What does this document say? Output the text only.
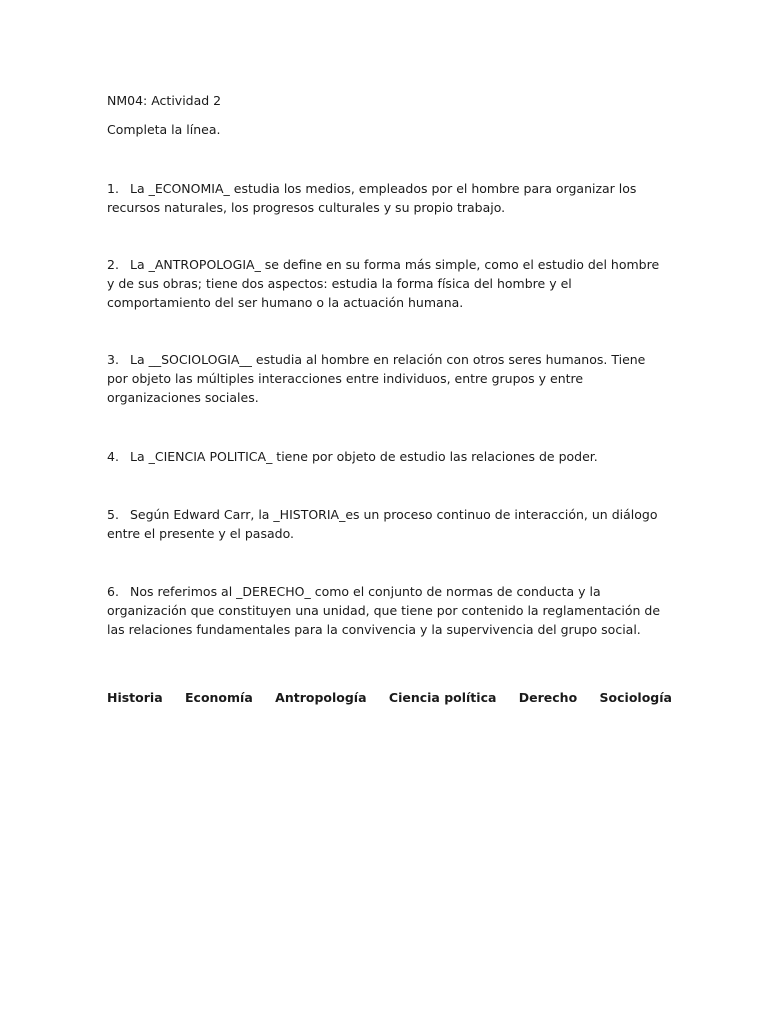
NM04: Actividad 2

Completa la línea.

1. La _ECONOMIA_ estudia los medios, empleados por el hombre para organizar los recursos naturales, los progresos culturales y su propio trabajo.
2. La _ANTROPOLOGIA_ se define en su forma más simple, como el estudio del hombre y de sus obras; tiene dos aspectos: estudia la forma física del hombre y el comportamiento del ser humano o la actuación humana.
3. La __SOCIOLOGIA__ estudia al hombre en relación con otros seres humanos. Tiene por objeto las múltiples interacciones entre individuos, entre grupos y entre organizaciones sociales.
4. La _CIENCIA POLITICA_ tiene por objeto de estudio las relaciones de poder.
5. Según Edward Carr, la _HISTORIA_es un proceso continuo de interacción, un diálogo entre el presente y el pasado.
6. Nos referimos al _DERECHO_ como el conjunto de normas de conducta y la organización que constituyen una unidad, que tiene por contenido la reglamentación de las relaciones fundamentales para la convivencia y la supervivencia del grupo social.
Historia Economía Antropología Ciencia política Derecho Sociología
